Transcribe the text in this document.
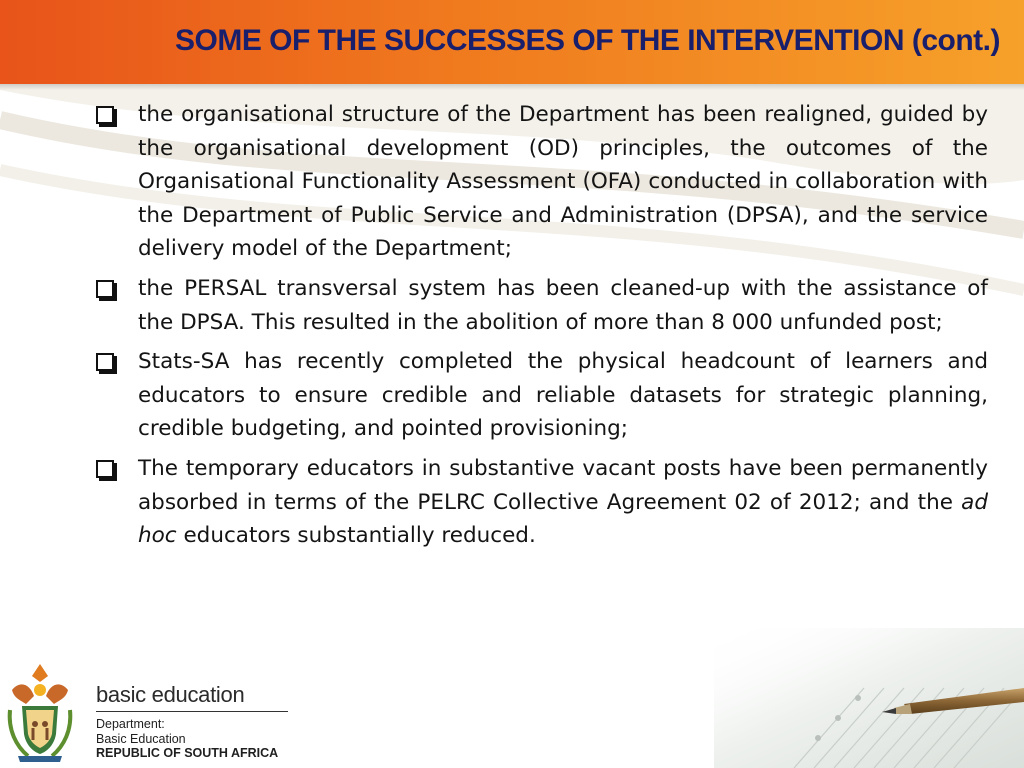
SOME OF THE SUCCESSES OF THE INTERVENTION (cont.)
the organisational structure of the Department has been realigned, guided by the organisational development (OD) principles, the outcomes of the Organisational Functionality Assessment (OFA) conducted in collaboration with the Department of Public Service and Administration (DPSA), and the service delivery model of the Department;
the PERSAL transversal system has been cleaned-up with the assistance of the DPSA. This resulted in the abolition of more than 8 000 unfunded post;
Stats-SA has recently completed the physical headcount of learners and educators to ensure credible and reliable datasets for strategic planning, credible budgeting, and pointed provisioning;
The temporary educators in substantive vacant posts have been permanently absorbed in terms of the PELRC Collective Agreement 02 of 2012; and the ad hoc educators substantially reduced.
basic education
Department:
Basic Education
REPUBLIC OF SOUTH AFRICA
